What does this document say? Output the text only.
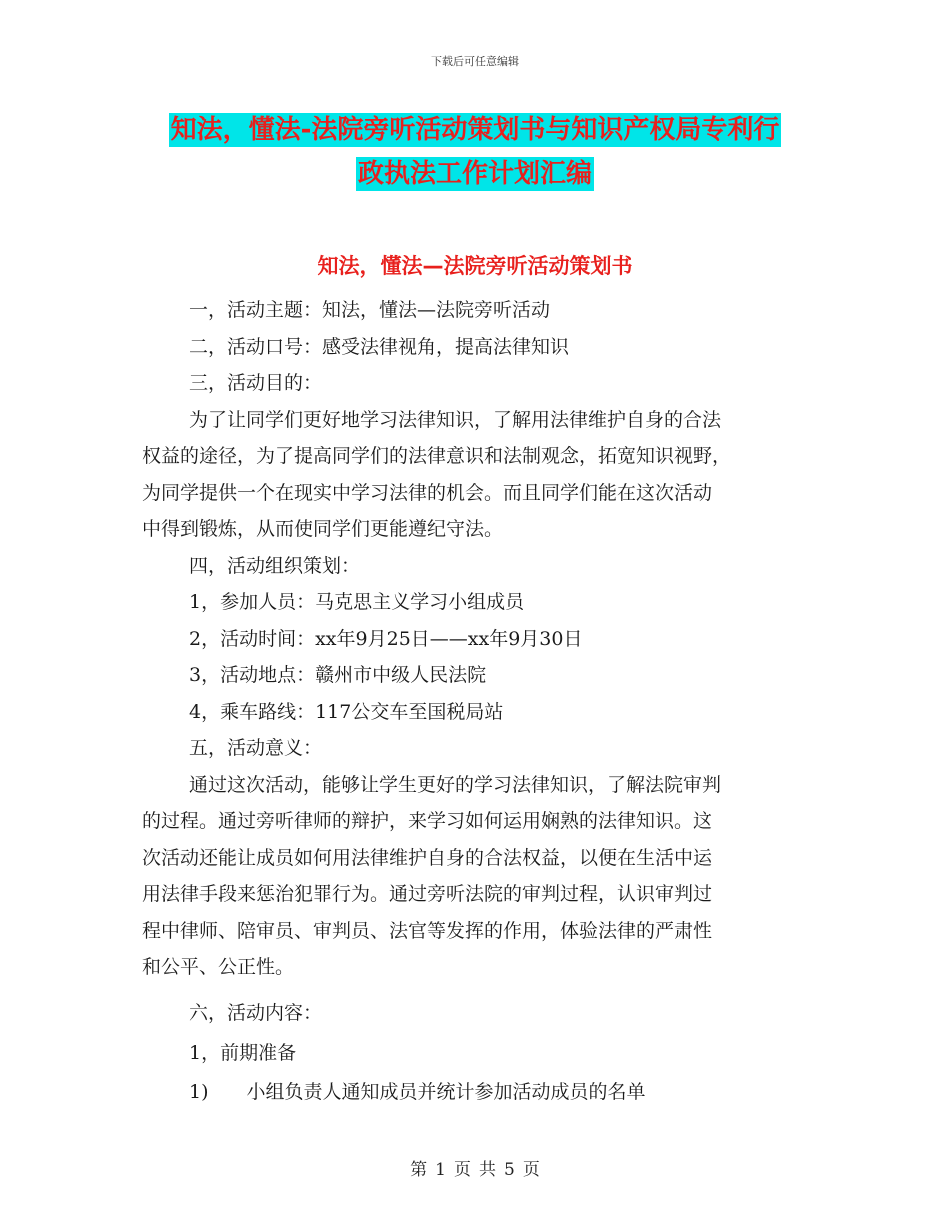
下载后可任意编辑
知法，懂法-法院旁听活动策划书与知识产权局专利行
政执法工作计划汇编
知法，懂法—法院旁听活动策划书
一，活动主题：知法，懂法—法院旁听活动
二，活动口号：感受法律视角，提高法律知识
三，活动目的：
为了让同学们更好地学习法律知识，了解用法律维护自身的合法
权益的途径，为了提高同学们的法律意识和法制观念，拓宽知识视野，
为同学提供一个在现实中学习法律的机会。而且同学们能在这次活动
中得到锻炼，从而使同学们更能遵纪守法。
四，活动组织策划：
1，参加人员：马克思主义学习小组成员
2，活动时间：xx年9月25日——xx年9月30日
3，活动地点：赣州市中级人民法院
4，乘车路线：117公交车至国税局站
五，活动意义：
通过这次活动，能够让学生更好的学习法律知识，了解法院审判
的过程。通过旁听律师的辩护，来学习如何运用娴熟的法律知识。这
次活动还能让成员如何用法律维护自身的合法权益，以便在生活中运
用法律手段来惩治犯罪行为。通过旁听法院的审判过程，认识审判过
程中律师、陪审员、审判员、法官等发挥的作用，体验法律的严肃性
和公平、公正性。
六，活动内容：
1，前期准备
1)　　小组负责人通知成员并统计参加活动成员的名单
第 1 页 共 5 页
